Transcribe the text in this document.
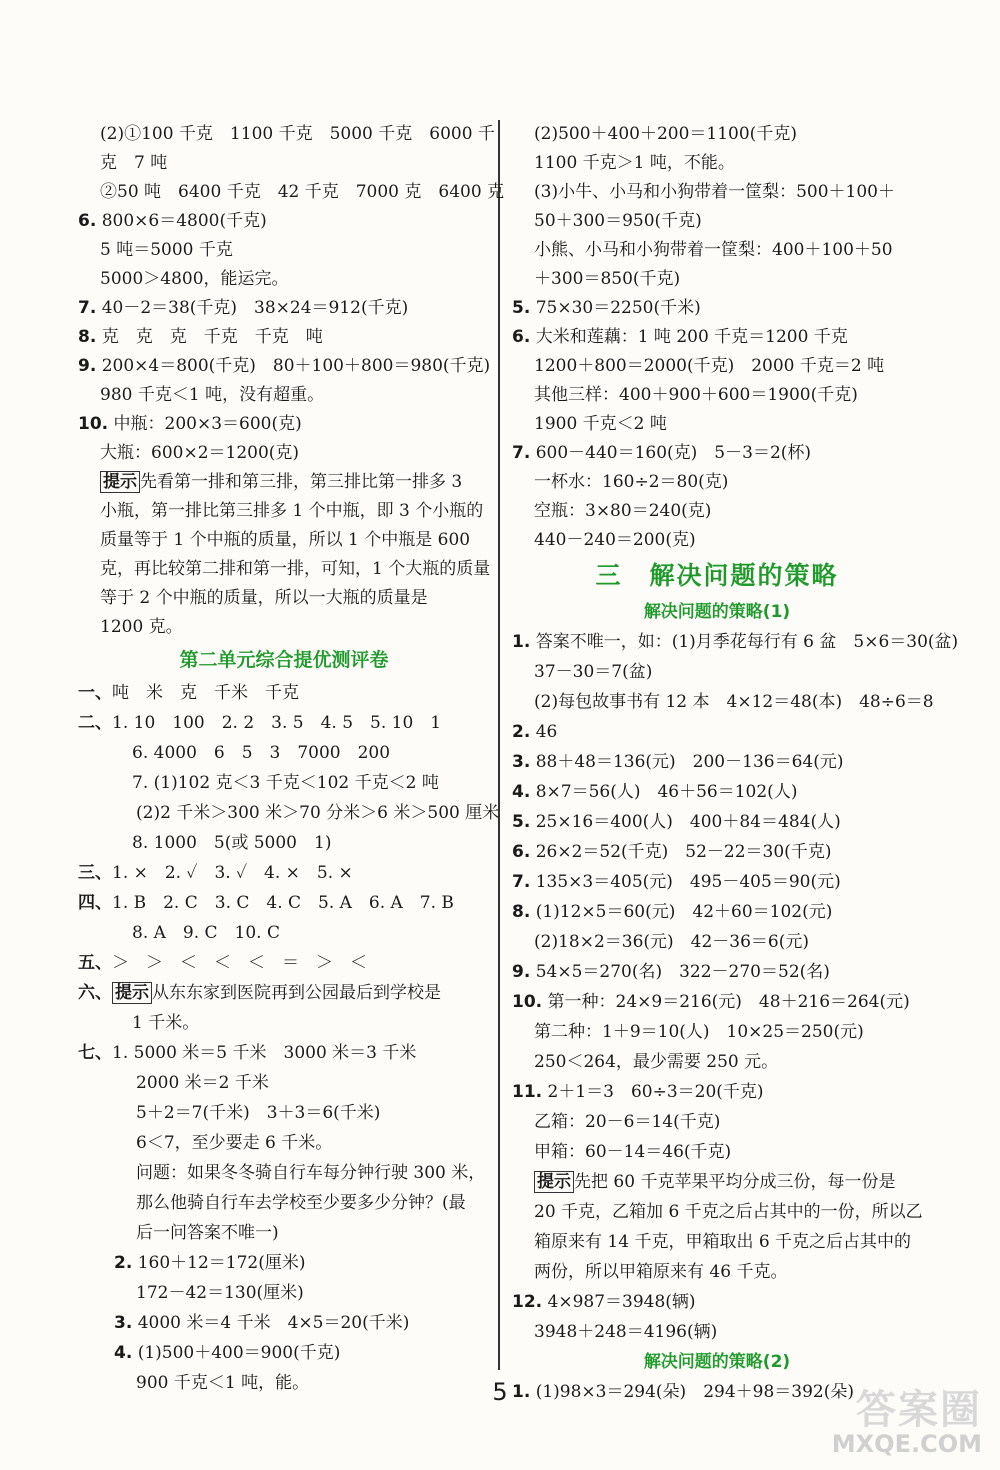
(2)①100 千克　1100 千克　5000 千克　6000 千
克　7 吨
②50 吨　6400 千克　42 千克　7000 克　6400 克
6. 800×6＝4800(千克)
5 吨＝5000 千克
5000＞4800，能运完。
7. 40－2＝38(千克)　38×24＝912(千克)
8. 克　克　克　千克　千克　吨
9. 200×4＝800(千克)　80＋100＋800＝980(千克)
980 千克＜1 吨，没有超重。
10. 中瓶：200×3＝600(克)
大瓶：600×2＝1200(克)
提示 先看第一排和第三排，第三排比第一排多 3
小瓶，第一排比第三排多 1 个中瓶，即 3 个小瓶的
质量等于 1 个中瓶的质量，所以 1 个中瓶是 600
克，再比较第二排和第一排，可知，1 个大瓶的质量
等于 2 个中瓶的质量，所以一大瓶的质量是
1200 克。
第二单元综合提优测评卷
一、吨　米　克　千米　千克
二、1. 10　100　2. 2　3. 5　4. 5　5. 10　1
6. 4000　6　5　3　7000　200
7. (1)102 克＜3 千克＜102 千克＜2 吨
(2)2 千米＞300 米＞70 分米＞6 米＞500 厘米
8. 1000　5(或 5000　1)
三、1. ×　2. ✓　3. ✓　4. ×　5. ×
四、1. B　2. C　3. C　4. C　5. A　6. A　7. B
8. A　9. C　10. C
五、＞　＞　＜　＜　＜　＝　＞　＜
六、 提示 从东东家到医院再到公园最后到学校是
1 千米。
七、1. 5000 米＝5 千米　3000 米＝3 千米
2000 米＝2 千米
5＋2＝7(千米)　3＋3＝6(千米)
6＜7，至少要走 6 千米。
问题：如果冬冬骑自行车每分钟行驶 300 米，
那么他骑自行车去学校至少要多少分钟？(最
后一问答案不唯一)
2. 160＋12＝172(厘米)
172－42＝130(厘米)
3. 4000 米＝4 千米　4×5＝20(千米)
4. (1)500＋400＝900(千克)
900 千克＜1 吨，能。
(2)500＋400＋200＝1100(千克)
1100 千克＞1 吨，不能。
(3)小牛、小马和小狗带着一筐梨：500＋100＋
50＋300＝950(千克)
小熊、小马和小狗带着一筐梨：400＋100＋50
＋300＝850(千克)
5. 75×30＝2250(千米)
6. 大米和莲藕：1 吨 200 千克＝1200 千克
1200＋800＝2000(千克)　2000 千克＝2 吨
其他三样：400＋900＋600＝1900(千克)
1900 千克＜2 吨
7. 600－440＝160(克)　5－3＝2(杯)
一杯水：160÷2＝80(克)
空瓶：3×80＝240(克)
440－240＝200(克)
三　解决问题的策略
解决问题的策略(1)
1. 答案不唯一，如：(1)月季花每行有 6 盆　5×6＝30(盆)
37－30＝7(盆)
(2)每包故事书有 12 本　4×12＝48(本)　48÷6＝8
2. 46
3. 88＋48＝136(元)　200－136＝64(元)
4. 8×7＝56(人)　46＋56＝102(人)
5. 25×16＝400(人)　400＋84＝484(人)
6. 26×2＝52(千克)　52－22＝30(千克)
7. 135×3＝405(元)　495－405＝90(元)
8. (1)12×5＝60(元)　42＋60＝102(元)
(2)18×2＝36(元)　42－36＝6(元)
9. 54×5＝270(名)　322－270＝52(名)
10. 第一种：24×9＝216(元)　48＋216＝264(元)
第二种：1＋9＝10(人)　10×25＝250(元)
250＜264，最少需要 250 元。
11. 2＋1＝3　60÷3＝20(千克)
乙箱：20－6＝14(千克)
甲箱：60－14＝46(千克)
提示 先把 60 千克苹果平均分成三份，每一份是
20 千克，乙箱加 6 千克之后占其中的一份，所以乙
箱原来有 14 千克，甲箱取出 6 千克之后占其中的
两份，所以甲箱原来有 46 千克。
12. 4×987＝3948(辆)
3948＋248＝4196(辆)
解决问题的策略(2)
1. (1)98×3＝294(朵)　294＋98＝392(朵)
5	答案圈
MXQE.COM
